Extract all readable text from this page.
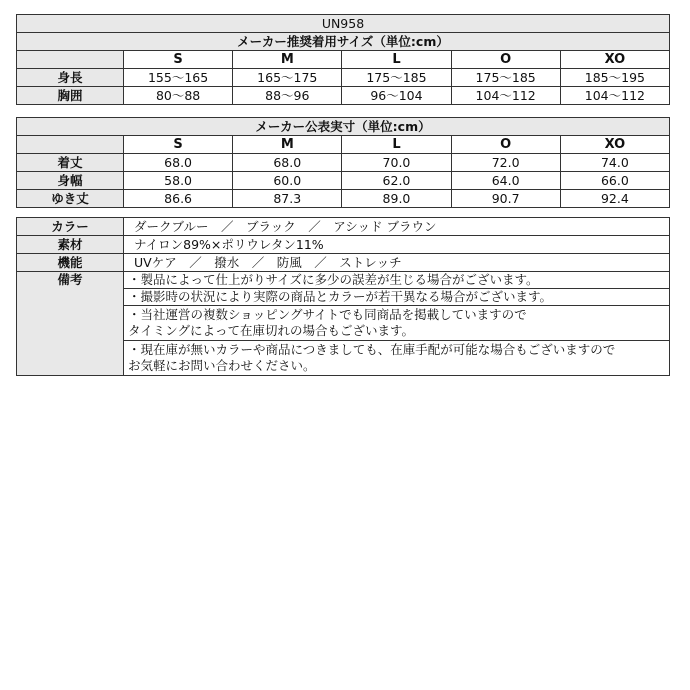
UN958					
メーカー推奨着用サイズ（単位:cm）					
	S	M	L	O	XO
身長	155～165	165～175	175～185	175～185	185～195
胸囲	80～88	88～96	96～104	104～112	104～112
メーカー公表実寸（単位:cm）					
	S	M	L	O	XO
着丈	68.0	68.0	70.0	72.0	74.0
身幅	58.0	60.0	62.0	64.0	66.0
ゆき丈	86.6	87.3	89.0	90.7	92.4
カラー	ダークブルー　／　ブラック　／　アシッド ブラウン
素材	ナイロン89%×ポリウレタン11%
機能	UVケア　／　撥水　／　防風　／　ストレッチ
備考	・製品によって仕上がりサイズに多少の誤差が生じる場合がございます。
	・撮影時の状況により実際の商品とカラーが若干異なる場合がございます。
	・当社運営の複数ショッピングサイトでも同商品を掲載していますので
タイミングによって在庫切れの場合もございます。
	・現在庫が無いカラーや商品につきましても、在庫手配が可能な場合もございますので
お気軽にお問い合わせください。
